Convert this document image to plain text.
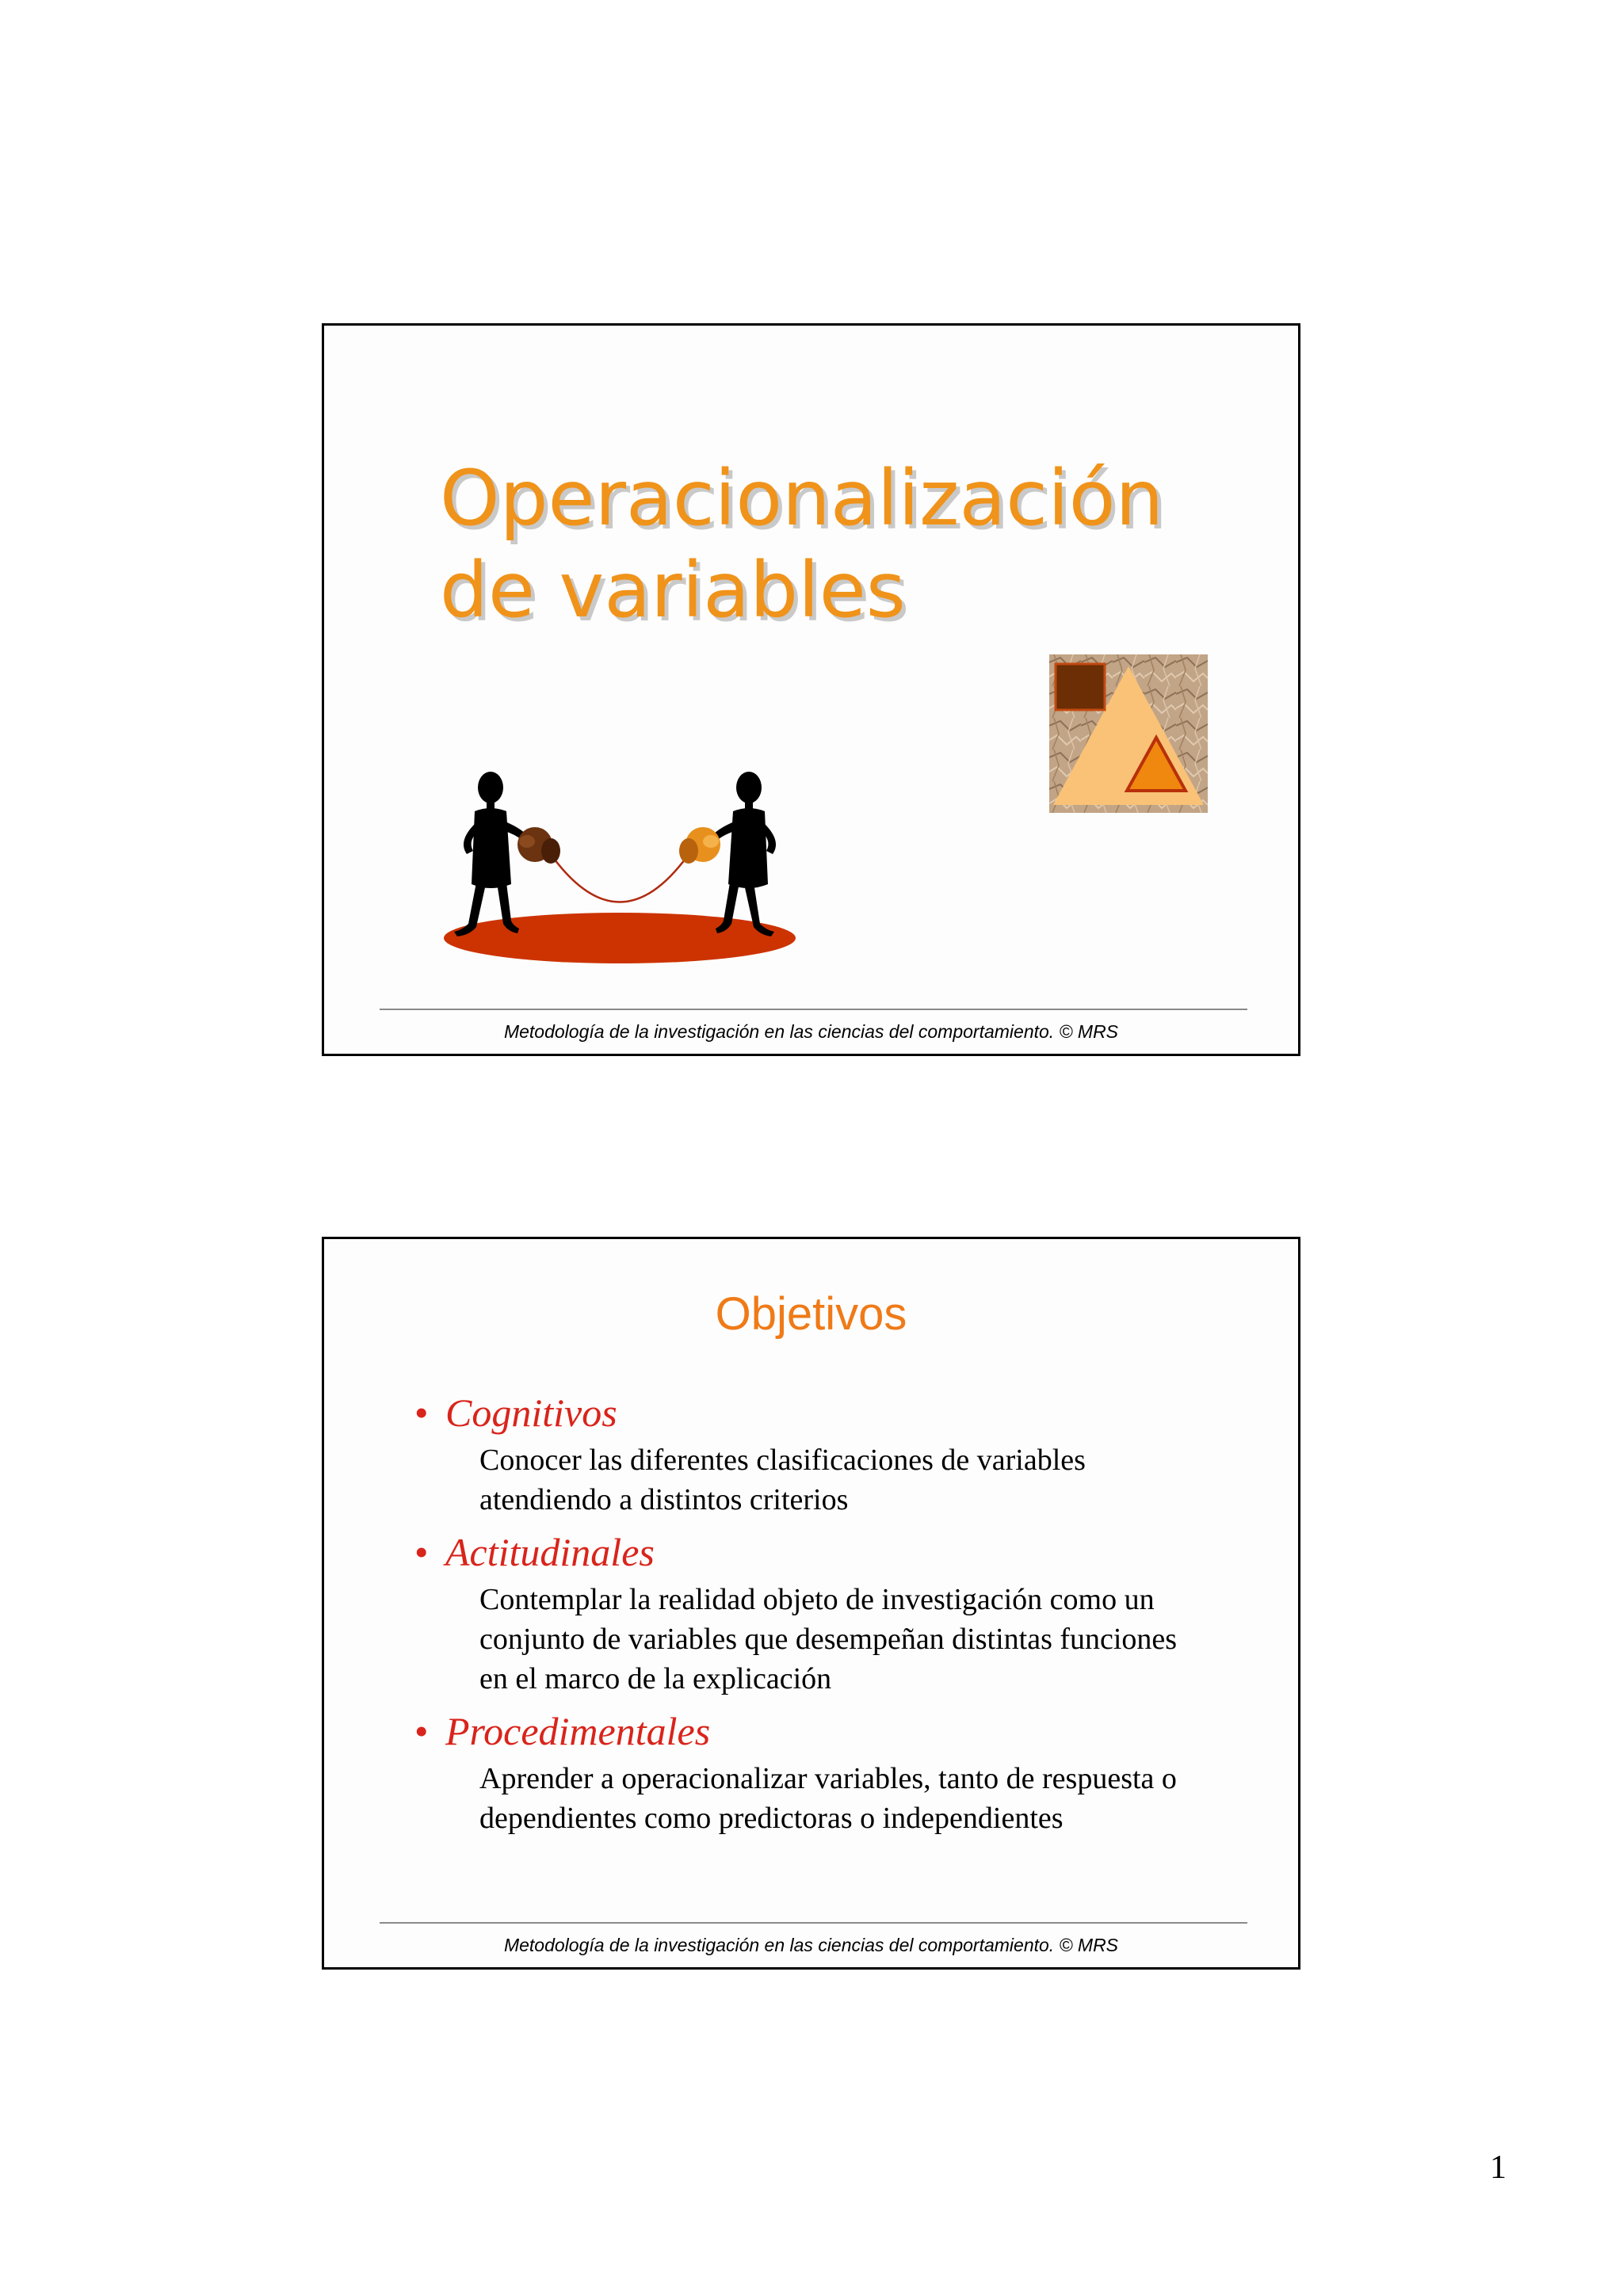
Operacionalización
de variables
Metodología de la investigación en las ciencias del comportamiento. © MRS
Objetivos
• Cognitivos
Conocer las diferentes clasificaciones de variables
atendiendo a distintos criterios
• Actitudinales
Contemplar la realidad objeto de investigación como un
conjunto de variables que desempeñan distintas funciones
en el marco de la explicación
• Procedimentales
Aprender a operacionalizar variables, tanto de respuesta o
dependientes como predictoras o independientes
Metodología de la investigación en las ciencias del comportamiento. © MRS
1
